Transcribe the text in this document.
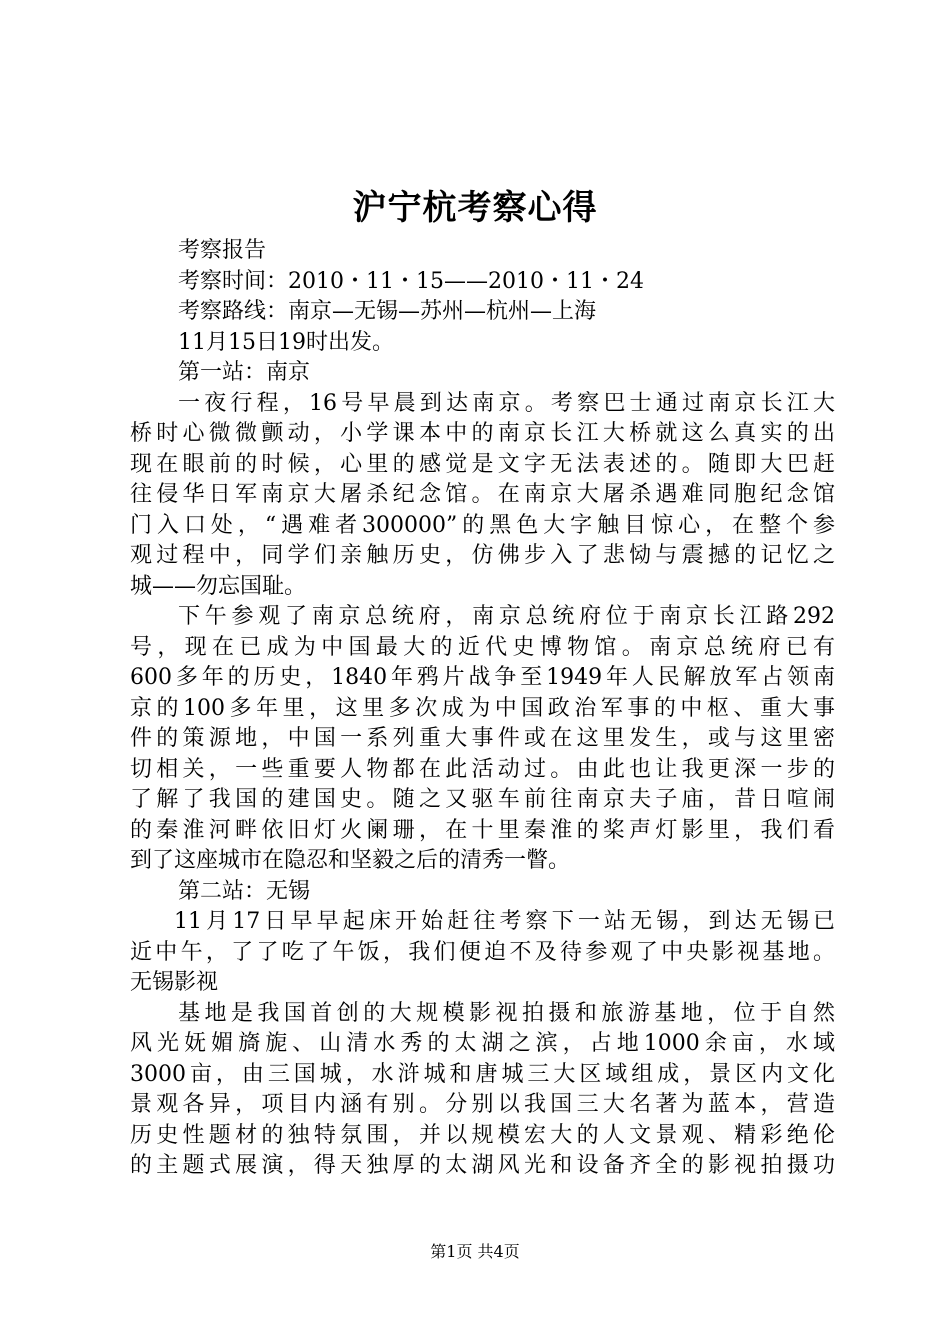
沪宁杭考察心得
考察报告
考察时间：2010・11・15——2010・11・24
考察路线：南京—无锡—苏州—杭州—上海
11月15日19时出发。
第一站：南京
一夜行程，16号早晨到达南京。考察巴士通过南京长江大
桥时心微微颤动，小学课本中的南京长江大桥就这么真实的出
现在眼前的时候，心里的感觉是文字无法表述的。随即大巴赶
往侵华日军南京大屠杀纪念馆。在南京大屠杀遇难同胞纪念馆
门入口处，“遇难者300000”的黑色大字触目惊心，在整个参
观过程中，同学们亲触历史，仿佛步入了悲恸与震撼的记忆之
城——勿忘国耻。
下午参观了南京总统府，南京总统府位于南京长江路292
号，现在已成为中国最大的近代史博物馆。南京总统府已有
600多年的历史，1840年鸦片战争至1949年人民解放军占领南
京的100多年里，这里多次成为中国政治军事的中枢、重大事
件的策源地，中国一系列重大事件或在这里发生，或与这里密
切相关，一些重要人物都在此活动过。由此也让我更深一步的
了解了我国的建国史。随之又驱车前往南京夫子庙，昔日喧闹
的秦淮河畔依旧灯火阑珊，在十里秦淮的桨声灯影里，我们看
到了这座城市在隐忍和坚毅之后的清秀一瞥。
第二站：无锡
11月17日早早起床开始赶往考察下一站无锡，到达无锡已
近中午，了了吃了午饭，我们便迫不及待参观了中央影视基地。
无锡影视
基地是我国首创的大规模影视拍摄和旅游基地，位于自然
风光妩媚旖旎、山清水秀的太湖之滨，占地1000余亩，水域
3000亩，由三国城，水浒城和唐城三大区域组成，景区内文化
景观各异，项目内涵有别。分别以我国三大名著为蓝本，营造
历史性题材的独特氛围，并以规模宏大的人文景观、精彩绝伦
的主题式展演，得天独厚的太湖风光和设备齐全的影视拍摄功
第1页 共4页
